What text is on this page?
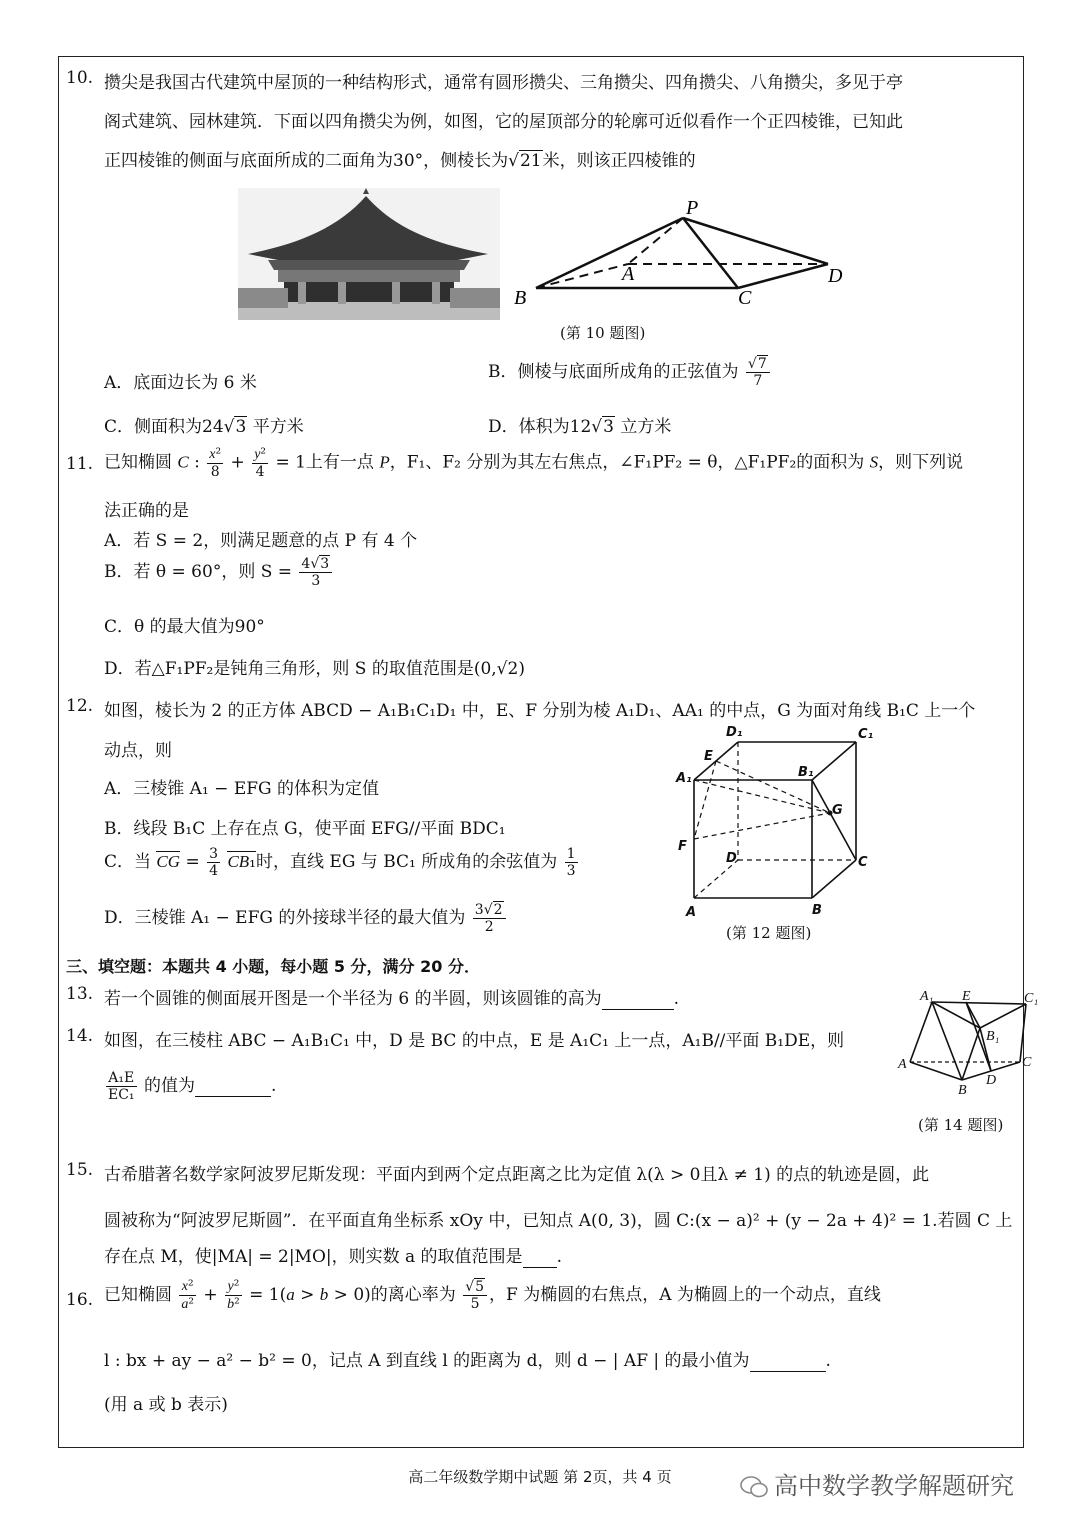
10. 攒尖是我国古代建筑中屋顶的一种结构形式，通常有圆形攒尖、三角攒尖、四角攒尖、八角攒尖，多见于亭
阁式建筑、园林建筑．下面以四角攒尖为例，如图，它的屋顶部分的轮廓可近似看作一个正四棱锥，已知此
正四棱锥的侧面与底面所成的二面角为30°，侧棱长为√21米，则该正四棱锥的
P
A
B	C
D
(第 10 题图)
A．底面边长为 6 米
B．侧棱与底面所成角的正弦值为 $\frac{√7}{7}$
C．侧面积为24√3 平方米	D．体积为12√3 立方米
11. 已知椭圆 C : $\frac{\text{x²}}{8} + \frac{\text{y²}}{4} = 1$上有一点 P，F₁、F₂ 分别为其左右焦点，∠F₁PF₂ = θ，△F₁PF₂的面积为 S，则下列说
法正确的是
A．若 S = 2，则满足题意的点 P 有 4 个
B．若 θ = 60°，则 $S = \frac{4√3}{3}$
C．θ 的最大值为90°
D．若△F₁PF₂是钝角三角形，则 S 的取值范围是(0,√2)
12. 如图，棱长为 2 的正方体 ABCD − A₁B₁C₁D₁ 中，E、F 分别为棱 A₁D₁、AA₁ 的中点，G 为面对角线 B₁C 上一个
动点，则
A．三棱锥 A₁ − EFG 的体积为定值
B．线段 B₁C 上存在点 G，使平面 EFG//平面 BDC₁
C．当 CG = $\frac{3}{4} CB_1$时，直线 EG 与 BC₁ 所成角的余弦值为 $\frac{1}{3}$
D．三棱锥 A₁ − EFG 的外接球半径的最大值为 $\frac{3√2}{2}$
D₁	C₁
E
A₁	B₁
G
F
D	C
A	B
(第 12 题图)
三、填空题：本题共 4 小题，每小题 5 分，满分 20 分．
13. 若一个圆锥的侧面展开图是一个半径为 6 的半圆，则该圆锥的高为	.
14. 如图，在三棱柱 ABC − A₁B₁C₁ 中，D 是 BC 的中点，E 是 A₁C₁ 上一点，A₁B//平面 B₁DE，则
$\frac{\text{A₁E}}{\text{EC₁}}$ 的值为	.
A₁ E	C₁
B₁
A	C
B
D
(第 14 题图)
15. 古希腊著名数学家阿波罗尼斯发现：平面内到两个定点距离之比为定值 λ(λ > 0且λ ≠ 1) 的点的轨迹是圆，此
圆被称为“阿波罗尼斯圆”．在平面直角坐标系 xOy 中，已知点 A(0, 3)，圆 C:(x − a)² + (y − 2a + 4)² = 1.若圆 C 上
存在点 M，使|MA| = 2|MO|，则实数 a 的取值范围是 .
16. 已知椭圆 $\frac{\text{x²}}{\text{a²}} + \frac{\text{y²}}{\text{b²}} = 1(a > b > 0)$的离心率为 $\frac{√5}{5}$ ，F 为椭圆的右焦点，A 为椭圆上的一个动点，直线
l : bx + ay − a² − b² = 0，记点 A 到直线 l 的距离为 d，则 d − | AF | 的最小值为	.
(用 a 或 b 表示)
高二年级数学期中试题 第 2页，共 4 页	高中数学教学解题研究
